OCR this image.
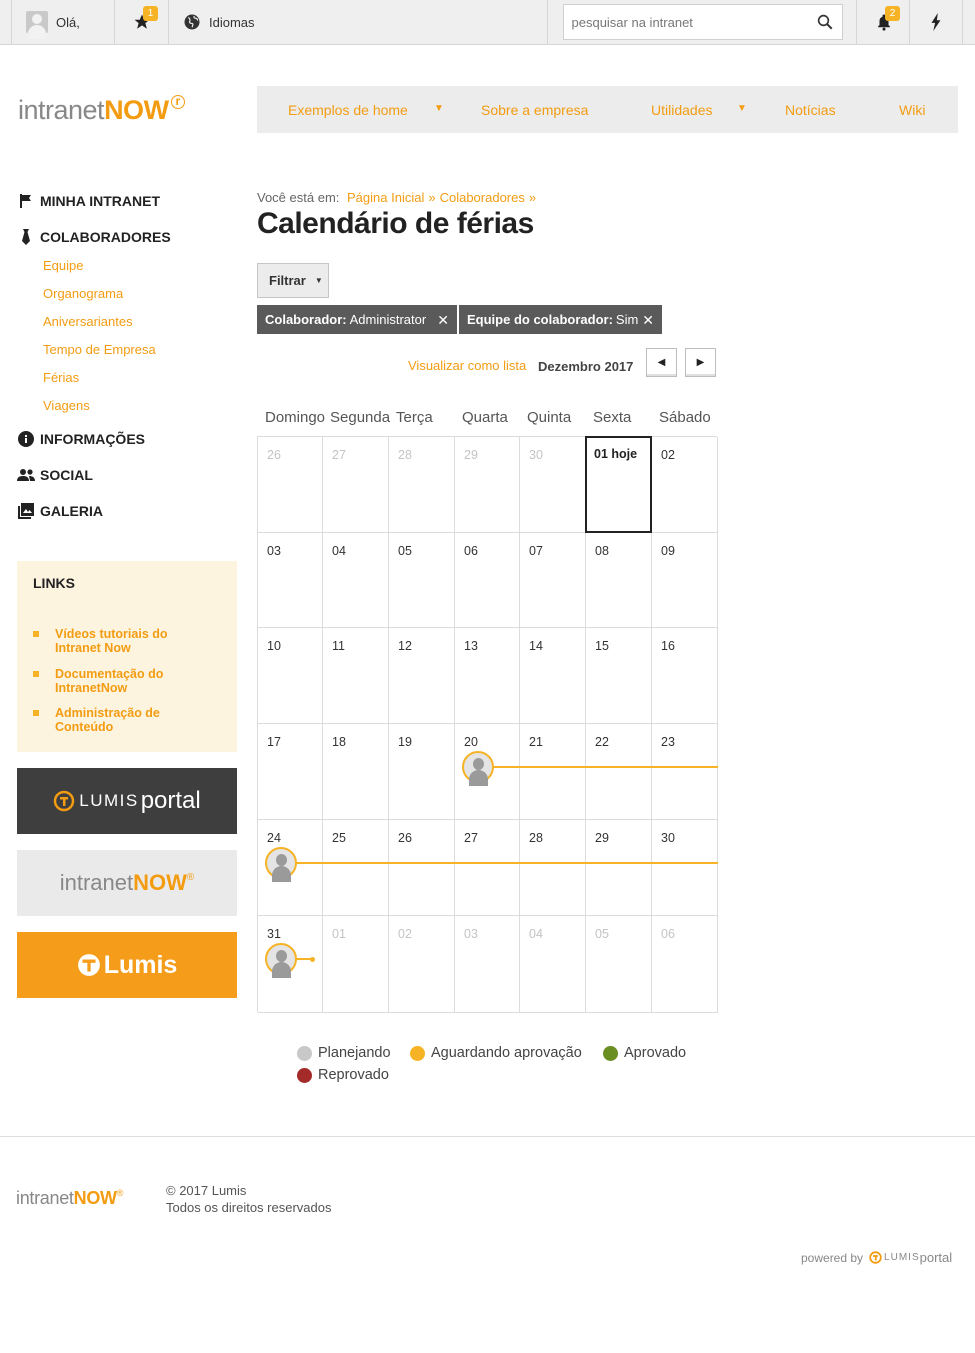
Olá,
1
Idiomas
pesquisar na intranet
2
intranetNOW r
Exemplos de home	▼	Sobre a empresa	Utilidades ▼	Notícias	Wiki
MINHA INTRANET
COLABORADORES
Equipe
Organograma
Aniversariantes
Tempo de Empresa
Férias
Viagens
INFORMAÇÕES
SOCIAL
GALERIA
LINKS
Vídeos tutoriais do Intranet Now
Documentação do IntranetNow
Administração de Conteúdo
LUMIS portal
intranet NOW ®
Lumis
Você está em: Página Inicial » Colaboradores »
Calendário de férias
Filtrar ▼
Colaborador: Administrator ✕ Equipe do colaborador: Sim ✕
Visualizar como lista Dezembro 2017 ◀	▶
Domingo Segunda Terça Quarta Quinta Sexta Sábado
26	27	28	29	30	01 hoje 02
03	04	05	06	07	08	09
10	11	12	13	14	15	16
17	18	19	20	21	22	23
24	25	26	27	28	29	30
31	01	02	03	04	05	06
Planejando	Aguardando aprovação	Aprovado
Reprovado
intranetNOW®	© 2017 Lumis
Todos os direitos reservados
powered by LUMIS portal
